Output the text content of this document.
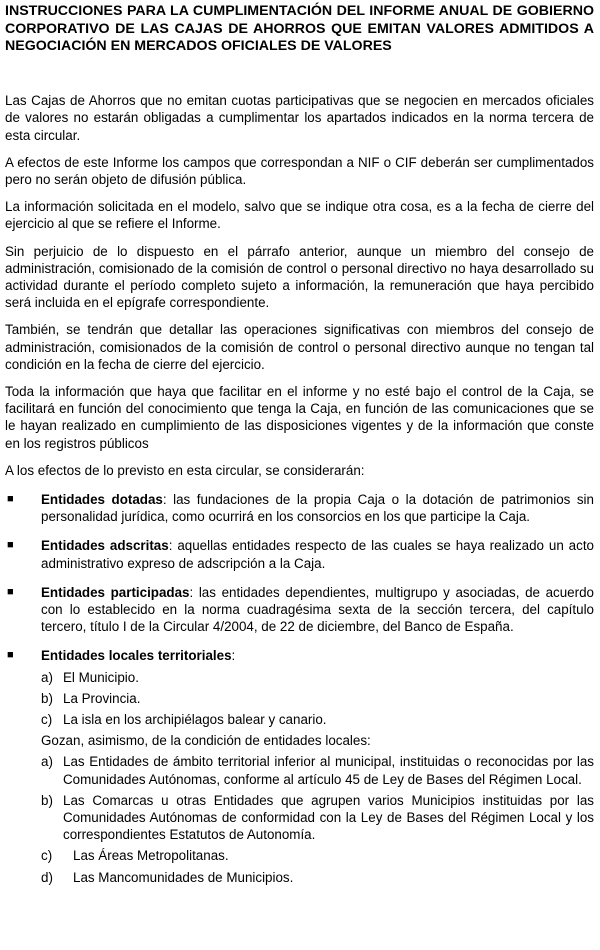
INSTRUCCIONES PARA LA CUMPLIMENTACIÓN DEL INFORME ANUAL DE GOBIERNO CORPORATIVO DE LAS CAJAS DE AHORROS QUE EMITAN VALORES ADMITIDOS A NEGOCIACIÓN EN MERCADOS OFICIALES DE VALORES

Las Cajas de Ahorros que no emitan cuotas participativas que se negocien en mercados oficiales de valores no estarán obligadas a cumplimentar los apartados indicados en la norma tercera de esta circular.

A efectos de este Informe los campos que correspondan a NIF o CIF deberán ser cumplimentados pero no serán objeto de difusión pública.

La información solicitada en el modelo, salvo que se indique otra cosa, es a la fecha de cierre del ejercicio al que se refiere el Informe.

Sin perjuicio de lo dispuesto en el párrafo anterior, aunque un miembro del consejo de administración, comisionado de la comisión de control o personal directivo no haya desarrollado su actividad durante el período completo sujeto a información, la remuneración que haya percibido será incluida en el epígrafe correspondiente.

También, se tendrán que detallar las operaciones significativas con miembros del consejo de administración, comisionados de la comisión de control o personal directivo aunque no tengan tal condición en la fecha de cierre del ejercicio.

Toda la información que haya que facilitar en el informe y no esté bajo el control de la Caja, se facilitará en función del conocimiento que tenga la Caja, en función de las comunicaciones que se le hayan realizado en cumplimiento de las disposiciones vigentes y de la información que conste en los registros públicos

A los efectos de lo previsto en esta circular, se considerarán:

■	Entidades dotadas: las fundaciones de la propia Caja o la dotación de patrimonios sin personalidad jurídica, como ocurrirá en los consorcios en los que participe la Caja.
■	Entidades adscritas: aquellas entidades respecto de las cuales se haya realizado un acto administrativo expreso de adscripción a la Caja.
■	Entidades participadas: las entidades dependientes, multigrupo y asociadas, de acuerdo con lo establecido en la norma cuadragésima sexta de la sección tercera, del capítulo tercero, título I de la Circular 4/2004, de 22 de diciembre, del Banco de España.
■	Entidades locales territoriales:
a) El Municipio.
b) La Provincia.
c) La isla en los archipiélagos balear y canario.
Gozan, asimismo, de la condición de entidades locales:
a) Las Entidades de ámbito territorial inferior al municipal, instituidas o reconocidas por las Comunidades Autónomas, conforme al artículo 45 de Ley de Bases del Régimen Local.
b) Las Comarcas u otras Entidades que agrupen varios Municipios instituidas por las Comunidades Autónomas de conformidad con la Ley de Bases del Régimen Local y los correspondientes Estatutos de Autonomía.
c)	Las Áreas Metropolitanas.
d)	Las Mancomunidades de Municipios.
